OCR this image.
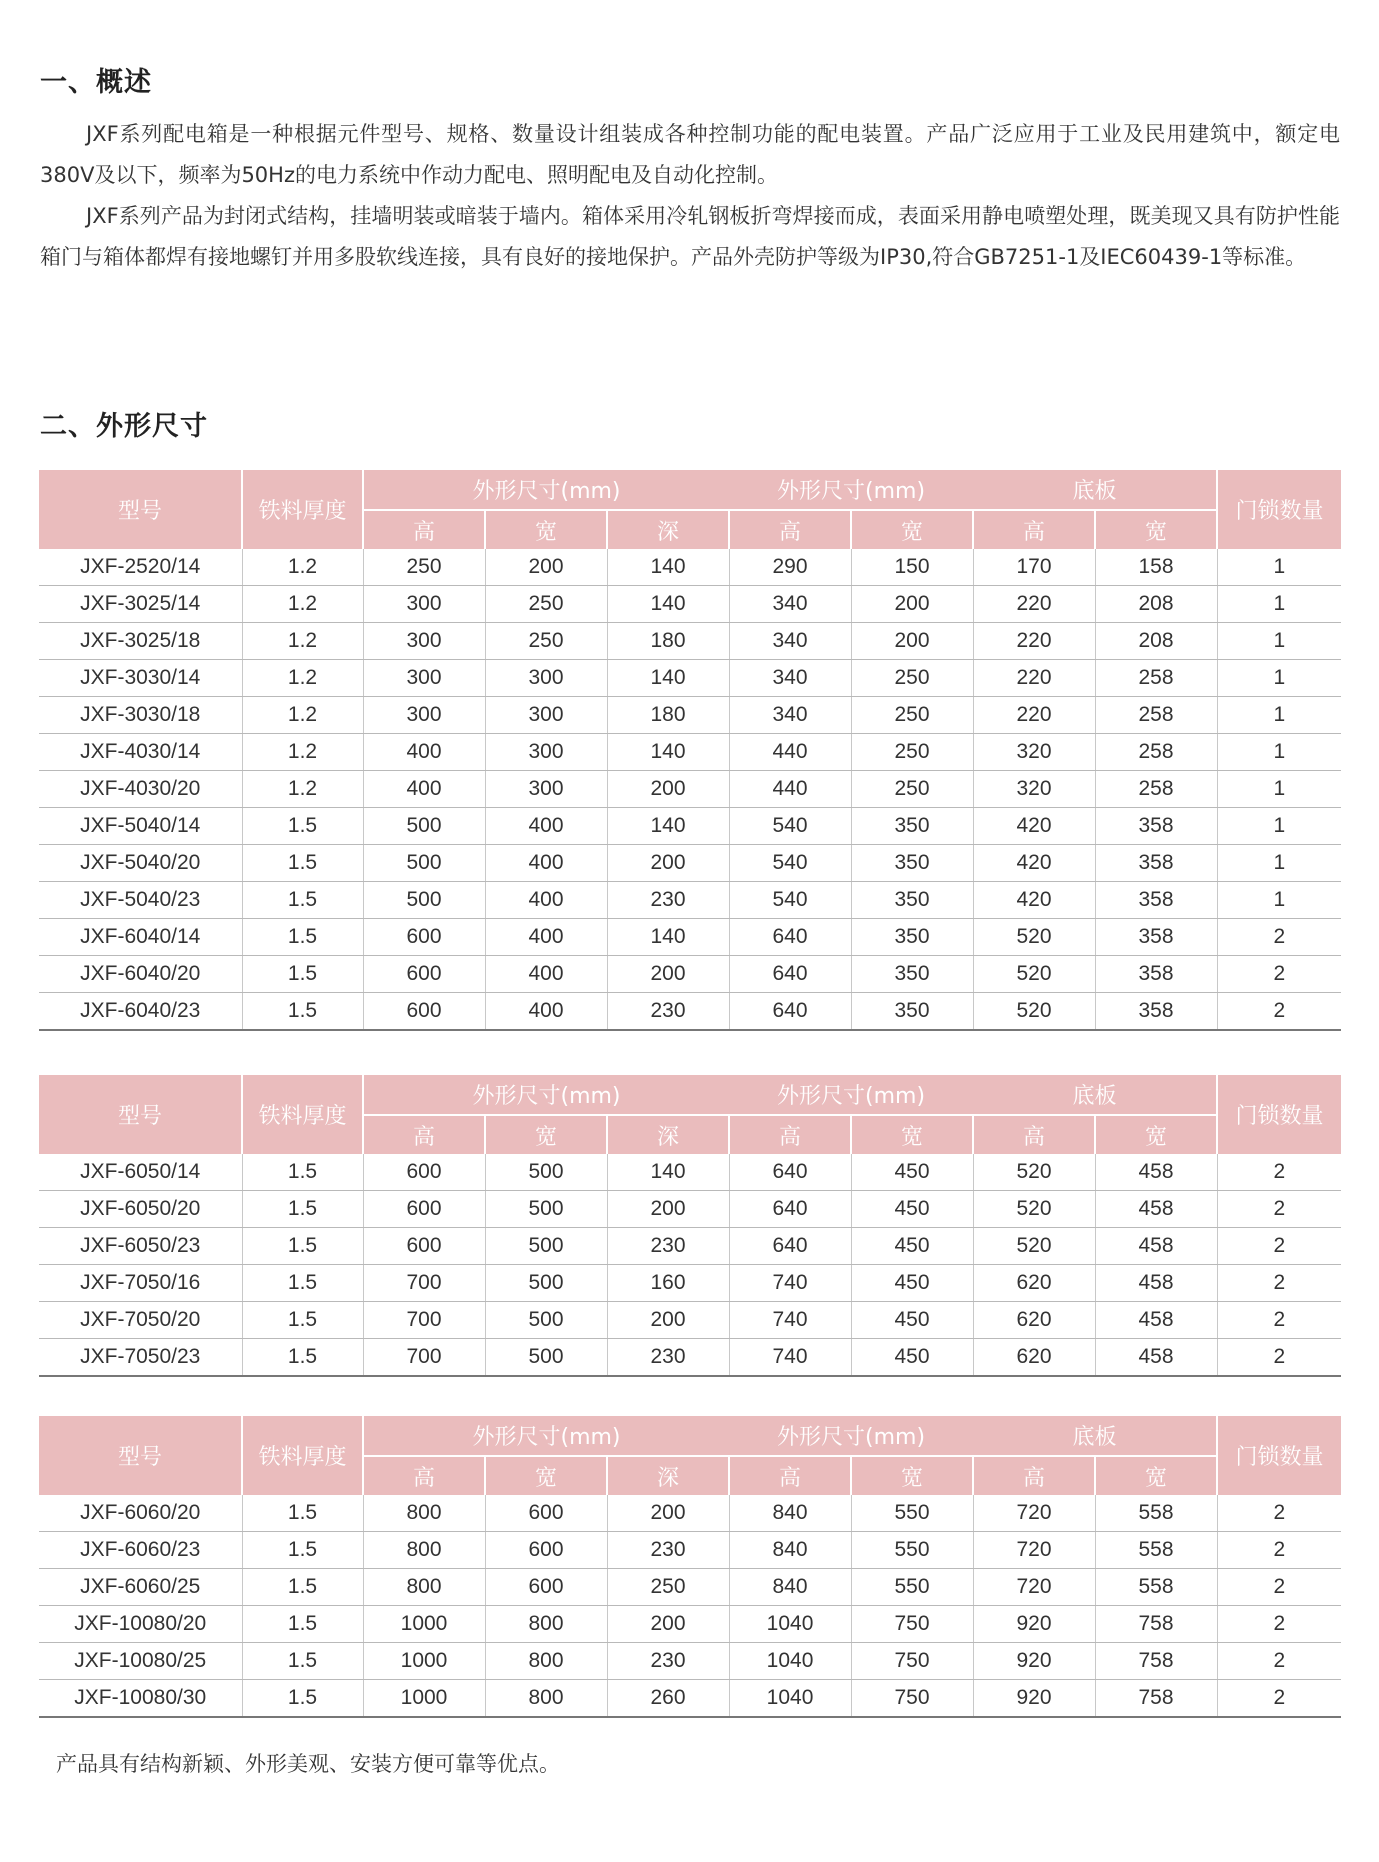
一、概述

JXF系列配电箱是一种根据元件型号、规格、数量设计组装成各种控制功能的配电装置。产品广泛应用于工业及民用建筑中，额定电380V及以下，频率为50Hz的电力系统中作动力配电、照明配电及自动化控制。

JXF系列产品为封闭式结构，挂墙明装或暗装于墙内。箱体采用冷轧钢板折弯焊接而成，表面采用静电喷塑处理，既美现又具有防护性能箱门与箱体都焊有接地螺钉并用多股软线连接，具有良好的接地保护。产品外壳防护等级为IP30,符合GB7251-1及IEC60439-1等标准。

二、外形尺寸
型号	铁料厚度	外形尺寸(mm)			外形尺寸(mm)		底板		门锁数量
		高	宽	深	高	宽	高	宽	
JXF-2520/14	1.2	250	200	140	290	150	170	158	1
JXF-3025/14	1.2	300	250	140	340	200	220	208	1
JXF-3025/18	1.2	300	250	180	340	200	220	208	1
JXF-3030/14	1.2	300	300	140	340	250	220	258	1
JXF-3030/18	1.2	300	300	180	340	250	220	258	1
JXF-4030/14	1.2	400	300	140	440	250	320	258	1
JXF-4030/20	1.2	400	300	200	440	250	320	258	1
JXF-5040/14	1.5	500	400	140	540	350	420	358	1
JXF-5040/20	1.5	500	400	200	540	350	420	358	1
JXF-5040/23	1.5	500	400	230	540	350	420	358	1
JXF-6040/14	1.5	600	400	140	640	350	520	358	2
JXF-6040/20	1.5	600	400	200	640	350	520	358	2
JXF-6040/23	1.5	600	400	230	640	350	520	358	2
型号	铁料厚度	外形尺寸(mm)			外形尺寸(mm)		底板		门锁数量
		高	宽	深	高	宽	高	宽	
JXF-6050/14	1.5	600	500	140	640	450	520	458	2
JXF-6050/20	1.5	600	500	200	640	450	520	458	2
JXF-6050/23	1.5	600	500	230	640	450	520	458	2
JXF-7050/16	1.5	700	500	160	740	450	620	458	2
JXF-7050/20	1.5	700	500	200	740	450	620	458	2
JXF-7050/23	1.5	700	500	230	740	450	620	458	2
型号	铁料厚度	外形尺寸(mm)			外形尺寸(mm)		底板		门锁数量
		高	宽	深	高	宽	高	宽	
JXF-6060/20	1.5	800	600	200	840	550	720	558	2
JXF-6060/23	1.5	800	600	230	840	550	720	558	2
JXF-6060/25	1.5	800	600	250	840	550	720	558	2
JXF-10080/20	1.5	1000	800	200	1040	750	920	758	2
JXF-10080/25	1.5	1000	800	230	1040	750	920	758	2
JXF-10080/30	1.5	1000	800	260	1040	750	920	758	2

产品具有结构新颖、外形美观、安装方便可靠等优点。
